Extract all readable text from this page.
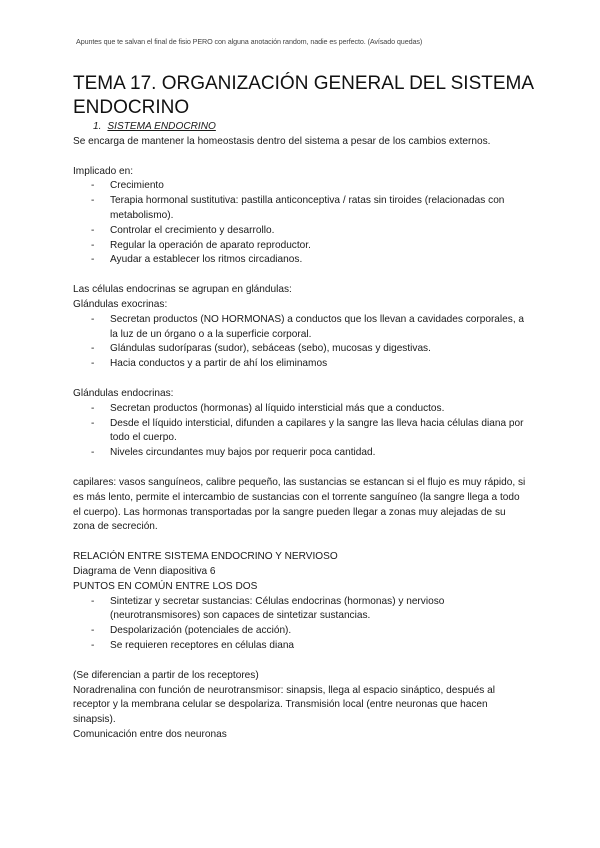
Apuntes que te salvan el final de fisio PERO con alguna anotación random, nadie es perfecto. (Avísado quedas)
TEMA 17. ORGANIZACIÓN GENERAL DEL SISTEMA ENDOCRINO
1. SISTEMA ENDOCRINO

Se encarga de mantener la homeostasis dentro del sistema a pesar de los cambios externos.

Implicado en:

- Crecimiento
- Terapia hormonal sustitutiva: pastilla anticonceptiva / ratas sin tiroides (relacionadas con metabolismo).
- Controlar el crecimiento y desarrollo.
- Regular la operación de aparato reproductor.
- Ayudar a establecer los ritmos circadianos.

Las células endocrinas se agrupan en glándulas:

Glándulas exocrinas:

- Secretan productos (NO HORMONAS) a conductos que los llevan a cavidades corporales, a la luz de un órgano o a la superficie corporal.
- Glándulas sudoríparas (sudor), sebáceas (sebo), mucosas y digestivas.
- Hacia conductos y a partir de ahí los eliminamos

Glándulas endocrinas:

- Secretan productos (hormonas) al líquido intersticial más que a conductos.
- Desde el líquido intersticial, difunden a capilares y la sangre las lleva hacia células diana por todo el cuerpo.
- Niveles circundantes muy bajos por requerir poca cantidad.

capilares: vasos sanguíneos, calibre pequeño, las sustancias se estancan si el flujo es muy rápido, si es más lento, permite el intercambio de sustancias con el torrente sanguíneo (la sangre llega a todo el cuerpo). Las hormonas transportadas por la sangre pueden llegar a zonas muy alejadas de su zona de secreción.

RELACIÓN ENTRE SISTEMA ENDOCRINO Y NERVIOSO

Diagrama de Venn diapositiva 6

PUNTOS EN COMÚN ENTRE LOS DOS

- Sintetizar y secretar sustancias: Células endocrinas (hormonas) y nervioso (neurotransmisores) son capaces de sintetizar sustancias.
- Despolarización (potenciales de acción).
- Se requieren receptores en células diana

(Se diferencian a partir de los receptores)

Noradrenalina con función de neurotransmisor: sinapsis, llega al espacio sináptico, después al receptor y la membrana celular se despolariza. Transmisión local (entre neuronas que hacen sinapsis).

Comunicación entre dos neuronas
